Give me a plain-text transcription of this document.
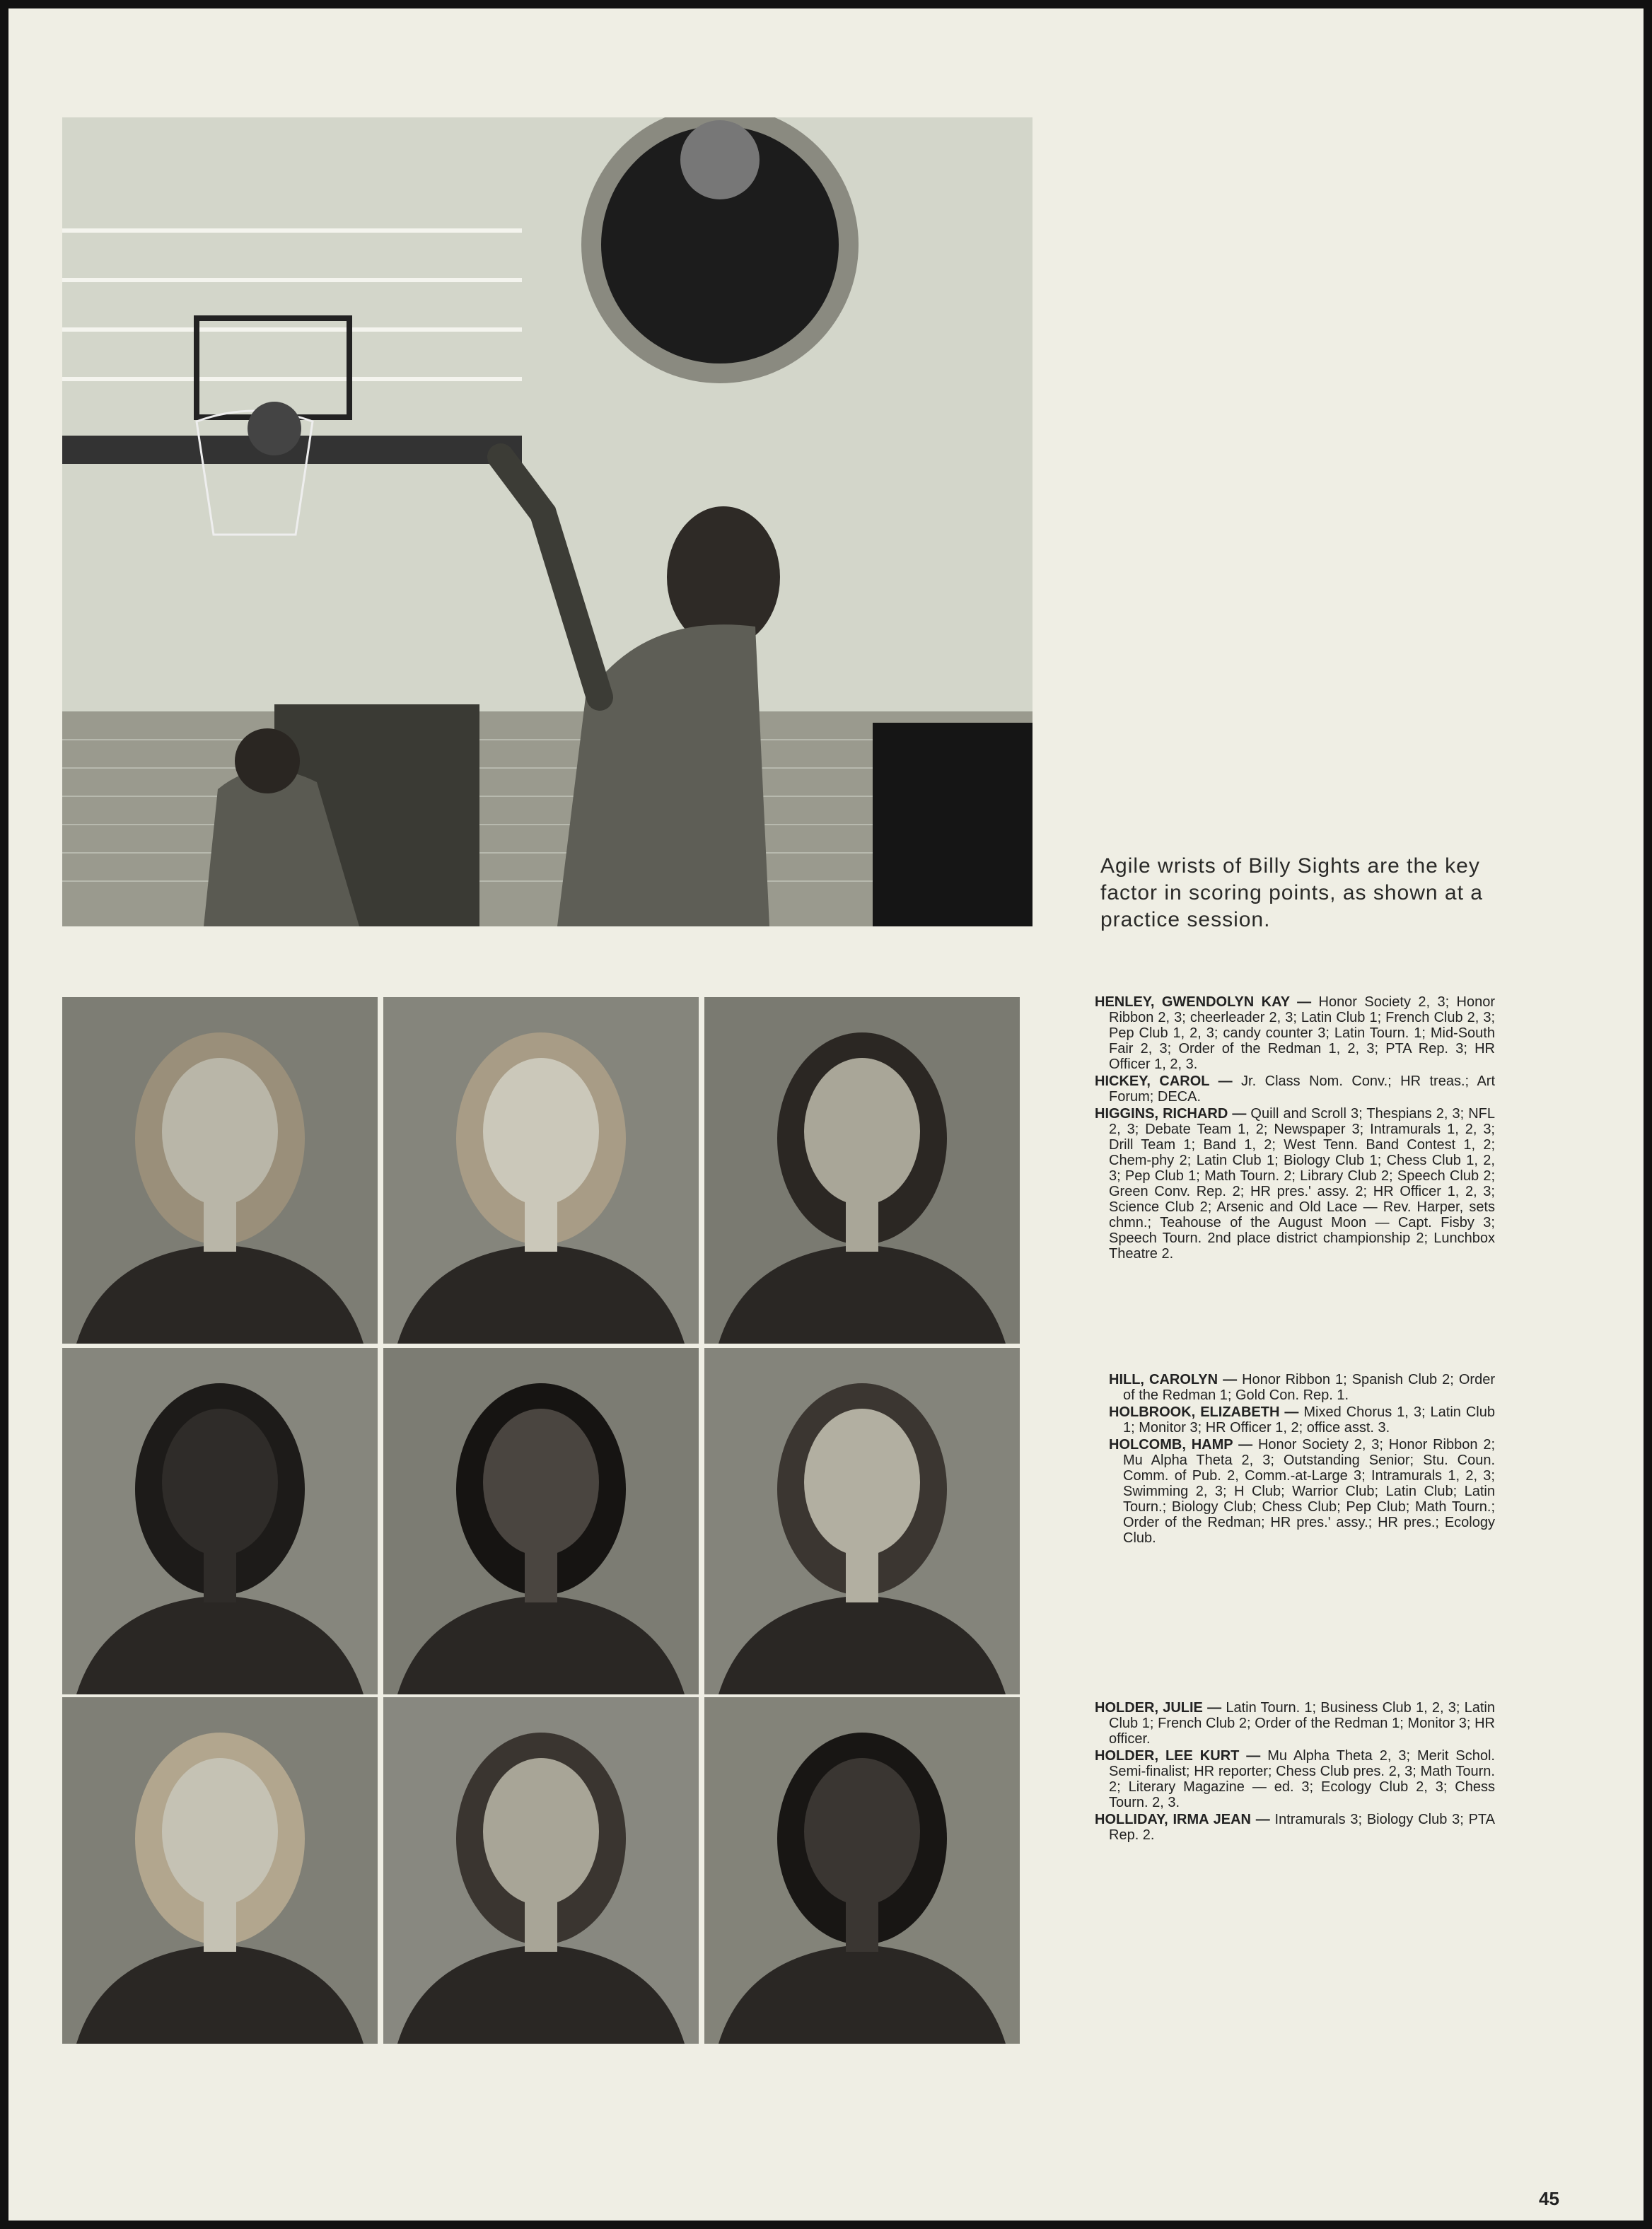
Agile wrists of Billy Sights are the key factor in scoring points, as shown at a practice session.

HENLEY, GWENDOLYN KAY — Honor Society 2, 3; Honor Ribbon 2, 3; cheerleader 2, 3; Latin Club 1; French Club 2, 3; Pep Club 1, 2, 3; candy counter 3; Latin Tourn. 1; Mid-South Fair 2, 3; Order of the Redman 1, 2, 3; PTA Rep. 3; HR Officer 1, 2, 3.

HICKEY, CAROL — Jr. Class Nom. Conv.; HR treas.; Art Forum; DECA.

HIGGINS, RICHARD — Quill and Scroll 3; Thespians 2, 3; NFL 2, 3; Debate Team 1, 2; Newspaper 3; Intramurals 1, 2, 3; Drill Team 1; Band 1, 2; West Tenn. Band Contest 1, 2; Chem-phy 2; Latin Club 1; Biology Club 1; Chess Club 1, 2, 3; Pep Club 1; Math Tourn. 2; Library Club 2; Speech Club 2; Green Conv. Rep. 2; HR pres.' assy. 2; HR Officer 1, 2, 3; Science Club 2; Arsenic and Old Lace — Rev. Harper, sets chmn.; Teahouse of the August Moon — Capt. Fisby 3; Speech Tourn. 2nd place district championship 2; Lunchbox Theatre 2.

HILL, CAROLYN — Honor Ribbon 1; Spanish Club 2; Order of the Redman 1; Gold Con. Rep. 1.

HOLBROOK, ELIZABETH — Mixed Chorus 1, 3; Latin Club 1; Monitor 3; HR Officer 1, 2; office asst. 3.

HOLCOMB, HAMP — Honor Society 2, 3; Honor Ribbon 2; Mu Alpha Theta 2, 3; Outstanding Senior; Stu. Coun. Comm. of Pub. 2, Comm.-at-Large 3; Intramurals 1, 2, 3; Swimming 2, 3; H Club; Warrior Club; Latin Club; Latin Tourn.; Biology Club; Chess Club; Pep Club; Math Tourn.; Order of the Redman; HR pres.' assy.; HR pres.; Ecology Club.

HOLDER, JULIE — Latin Tourn. 1; Business Club 1, 2, 3; Latin Club 1; French Club 2; Order of the Redman 1; Monitor 3; HR officer.

HOLDER, LEE KURT — Mu Alpha Theta 2, 3; Merit Schol. Semi-finalist; HR reporter; Chess Club pres. 2, 3; Math Tourn. 2; Literary Magazine — ed. 3; Ecology Club 2, 3; Chess Tourn. 2, 3.

HOLLIDAY, IRMA JEAN — Intramurals 3; Biology Club 3; PTA Rep. 2.

45
